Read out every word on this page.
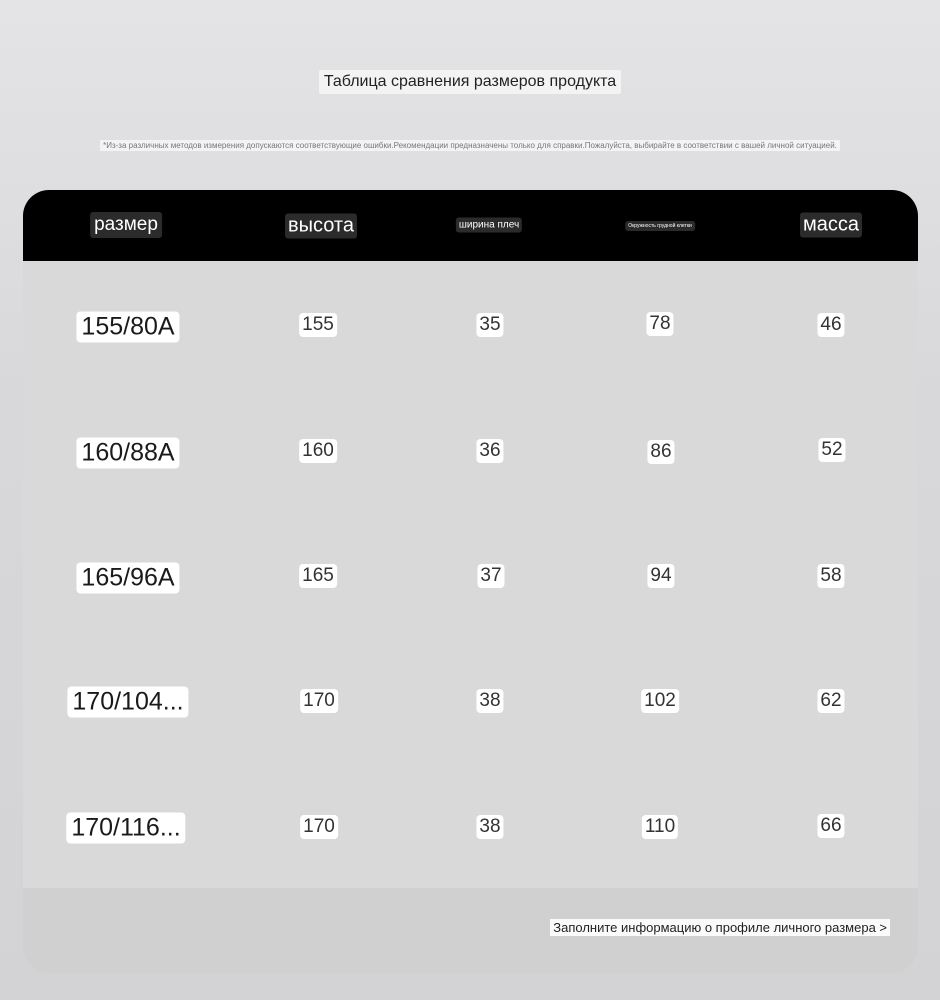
Таблица сравнения размеров продукта
*Из-за различных методов измерения допускаются соответствующие ошибки.Рекомендации предназначены только для справки.Пожалуйста, выбирайте в соответствии с вашей личной ситуацией.
размер	высота	ширина плеч	Окружность грудной клетки	масса
155/80A	155	35	78	46
160/88A	160	36	86	52
165/96A	165	37	94	58
170/104...	170	38	102	62
170/116...	170	38	110	66
Заполните информацию о профиле личного размера >
